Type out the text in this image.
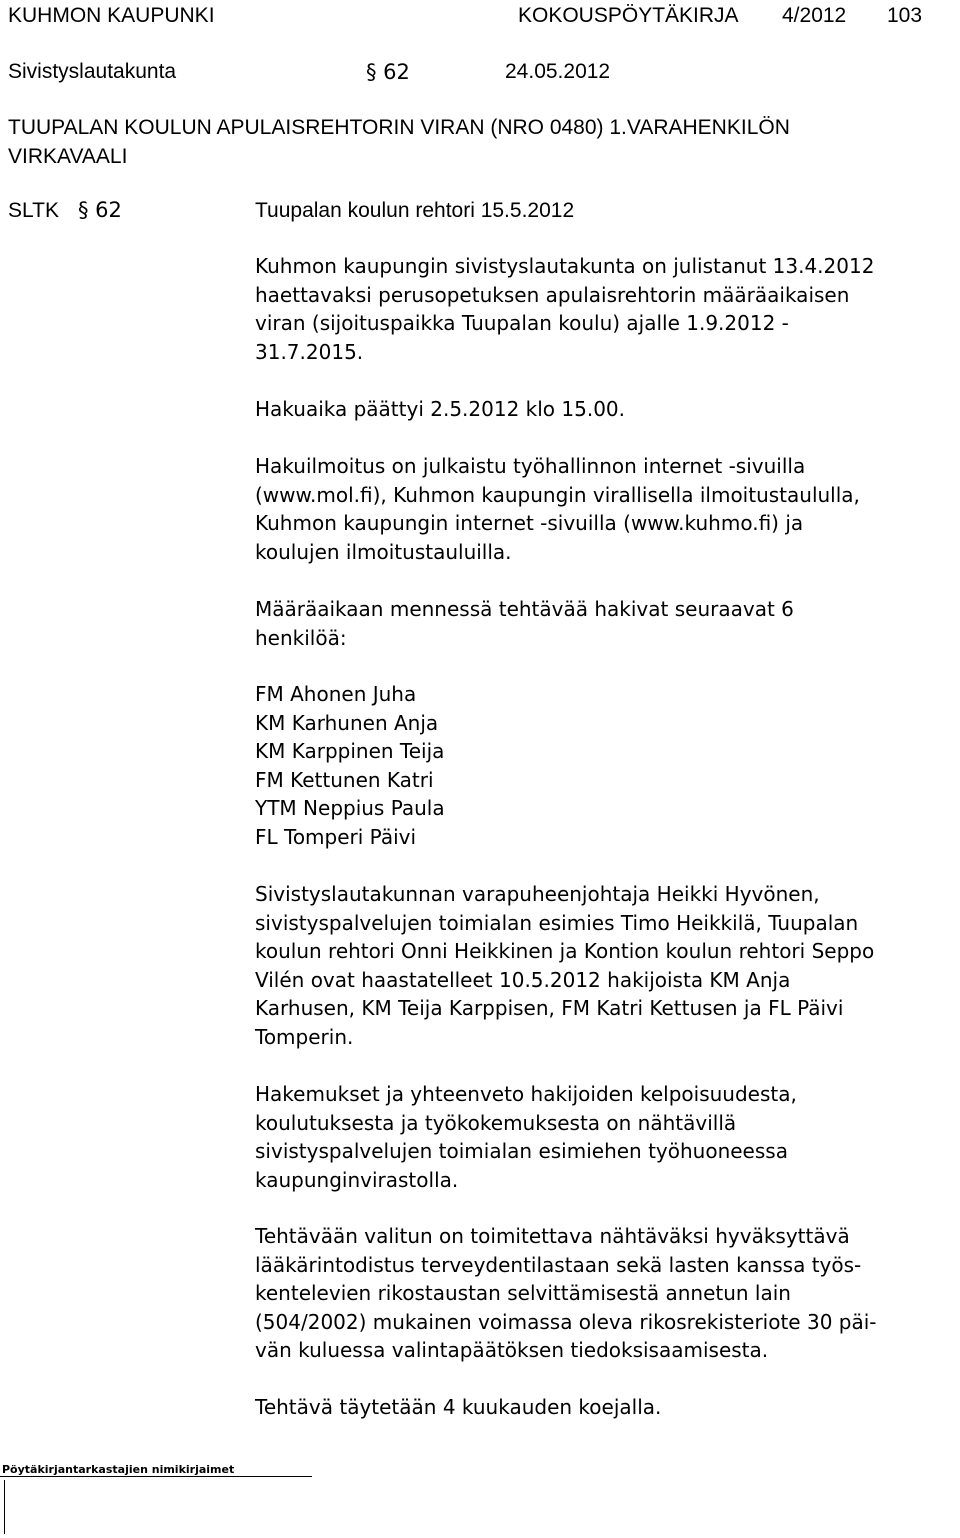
KUHMON KAUPUNKI	KOKOUSPÖYTÄKIRJA 4/2012 103
Sivistyslautakunta	§ 62	24.05.2012
TUUPALAN KOULUN APULAISREHTORIN VIRAN (NRO 0480) 1.VARAHENKILÖN
VIRKAVAALI
SLTK § 62	Tuupalan koulun rehtori 15.5.2012

Kuhmon kaupungin sivistyslautakunta on julistanut 13.4.2012

haettavaksi perusopetuksen apulaisrehtorin määräaikaisen

viran (sijoituspaikka Tuupalan koulu) ajalle 1.9.2012 -

31.7.2015.

Hakuaika päättyi 2.5.2012 klo 15.00.

Hakuilmoitus on julkaistu työhallinnon internet -sivuilla

(www.mol.fi), Kuhmon kaupungin virallisella ilmoitustaululla,

Kuhmon kaupungin internet -sivuilla (www.kuhmo.fi) ja

koulujen ilmoitustauluilla.

Määräaikaan mennessä tehtävää hakivat seuraavat 6

henkilöä:

FM Ahonen Juha
KM Karhunen Anja
KM Karppinen Teija
FM Kettunen Katri
YTM Neppius Paula
FL Tomperi Päivi

Sivistyslautakunnan varapuheenjohtaja Heikki Hyvönen,

sivistyspalvelujen toimialan esimies Timo Heikkilä, Tuupalan

koulun rehtori Onni Heikkinen ja Kontion koulun rehtori Seppo

Vilén ovat haastatelleet 10.5.2012 hakijoista KM Anja

Karhusen, KM Teija Karppisen, FM Katri Kettusen ja FL Päivi

Tomperin.

Hakemukset ja yhteenveto hakijoiden kelpoisuudesta,

koulutuksesta ja työkokemuksesta on nähtävillä

sivistyspalvelujen toimialan esimiehen työhuoneessa

kaupunginvirastolla.

Tehtävään valitun on toimitettava nähtäväksi hyväksyttävä

lääkärintodistus terveydentilastaan sekä lasten kanssa työs-

kentelevien rikostaustan selvittämisestä annetun lain

(504/2002) mukainen voimassa oleva rikosrekisteriote 30 päi-

vän kuluessa valintapäätöksen tiedoksisaamisesta.

Tehtävä täytetään 4 kuukauden koejalla.

Pöytäkirjantarkastajien nimikirjaimet
